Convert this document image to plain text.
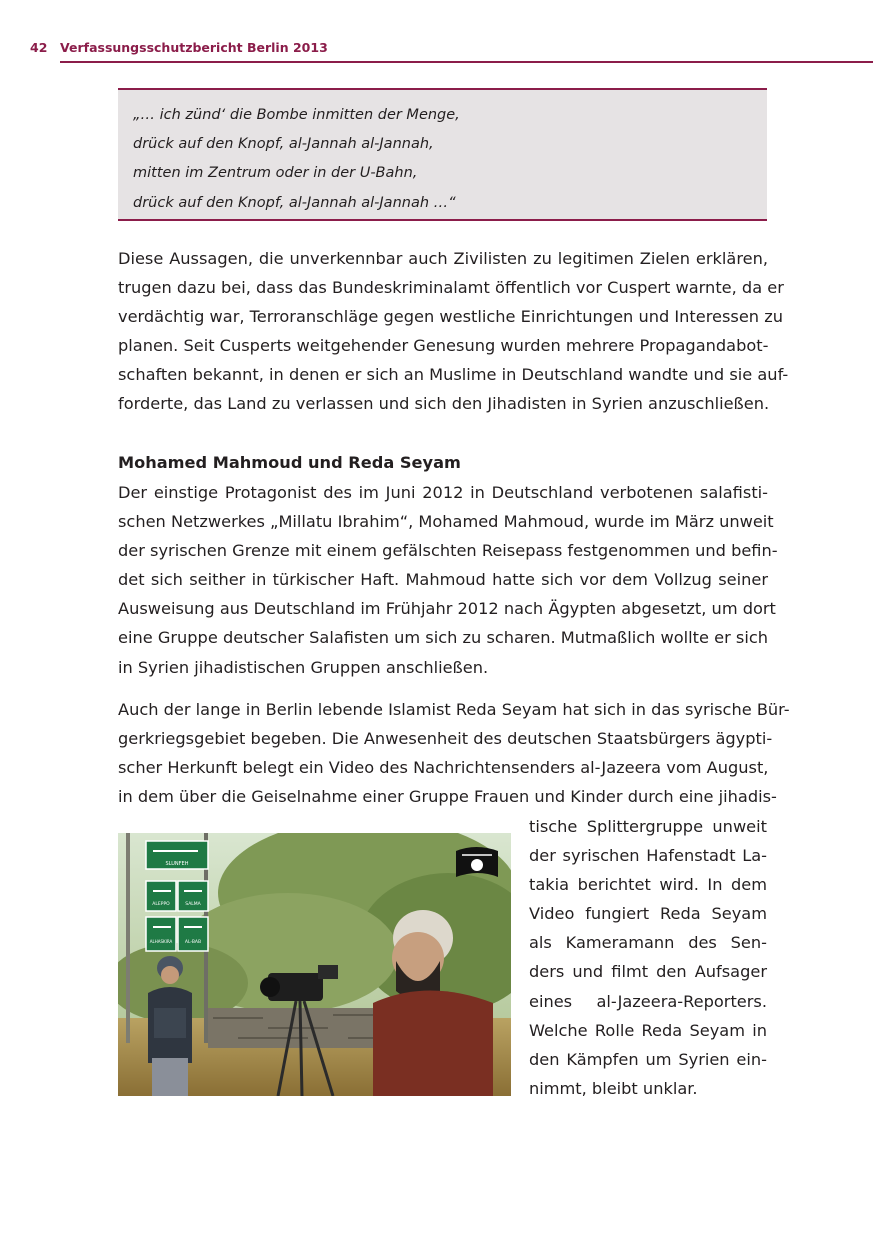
42 Verfassungsschutzbericht Berlin 2013
„… ich zünd‘ die Bombe inmitten der Menge,
drück auf den Knopf, al-Jannah al-Jannah,
mitten im Zentrum oder in der U-Bahn,
drück auf den Knopf, al-Jannah al-Jannah …“
Diese Aussagen, die unverkennbar auch Zivilisten zu legitimen Zielen erklären,
trugen dazu bei, dass das Bundeskriminalamt öffentlich vor Cuspert warnte, da er
verdächtig war, Terroranschläge gegen westliche Einrichtungen und Interessen zu
planen. Seit Cusperts weitgehender Genesung wurden mehrere Propagandabot-
schaften bekannt, in denen er sich an Muslime in Deutschland wandte und sie auf-
forderte, das Land zu verlassen und sich den Jihadisten in Syrien anzuschließen.
Mohamed Mahmoud und Reda Seyam
Der einstige Protagonist des im Juni 2012 in Deutschland verbotenen salafisti-
schen Netzwerkes „Millatu Ibrahim“, Mohamed Mahmoud, wurde im März unweit
der syrischen Grenze mit einem gefälschten Reisepass festgenommen und befin-
det sich seither in türkischer Haft. Mahmoud hatte sich vor dem Vollzug seiner
Ausweisung aus Deutschland im Frühjahr 2012 nach Ägypten abgesetzt, um dort
eine Gruppe deutscher Salafisten um sich zu scharen. Mutmaßlich wollte er sich
in Syrien jihadistischen Gruppen anschließen.
Auch der lange in Berlin lebende Islamist Reda Seyam hat sich in das syrische Bür-
gerkriegsgebiet begeben. Die Anwesenheit des deutschen Staatsbürgers ägypti-
scher Herkunft belegt ein Video des Nachrichtensenders al-Jazeera vom August,
in dem über die Geiselnahme einer Gruppe Frauen und Kinder durch eine jihadis-
tische Splittergruppe unweit
der syrischen Hafenstadt La-
takia berichtet wird. In dem
Video fungiert Reda Seyam
als Kameramann des Sen-
ders und filmt den Aufsager
eines al-Jazeera-Reporters.
Welche Rolle Reda Seyam in
den Kämpfen um Syrien ein-
nimmt, bleibt unklar.
SLUNFEH
ALEPPO	SALMA
ALHASKIRA	AL-BAB
